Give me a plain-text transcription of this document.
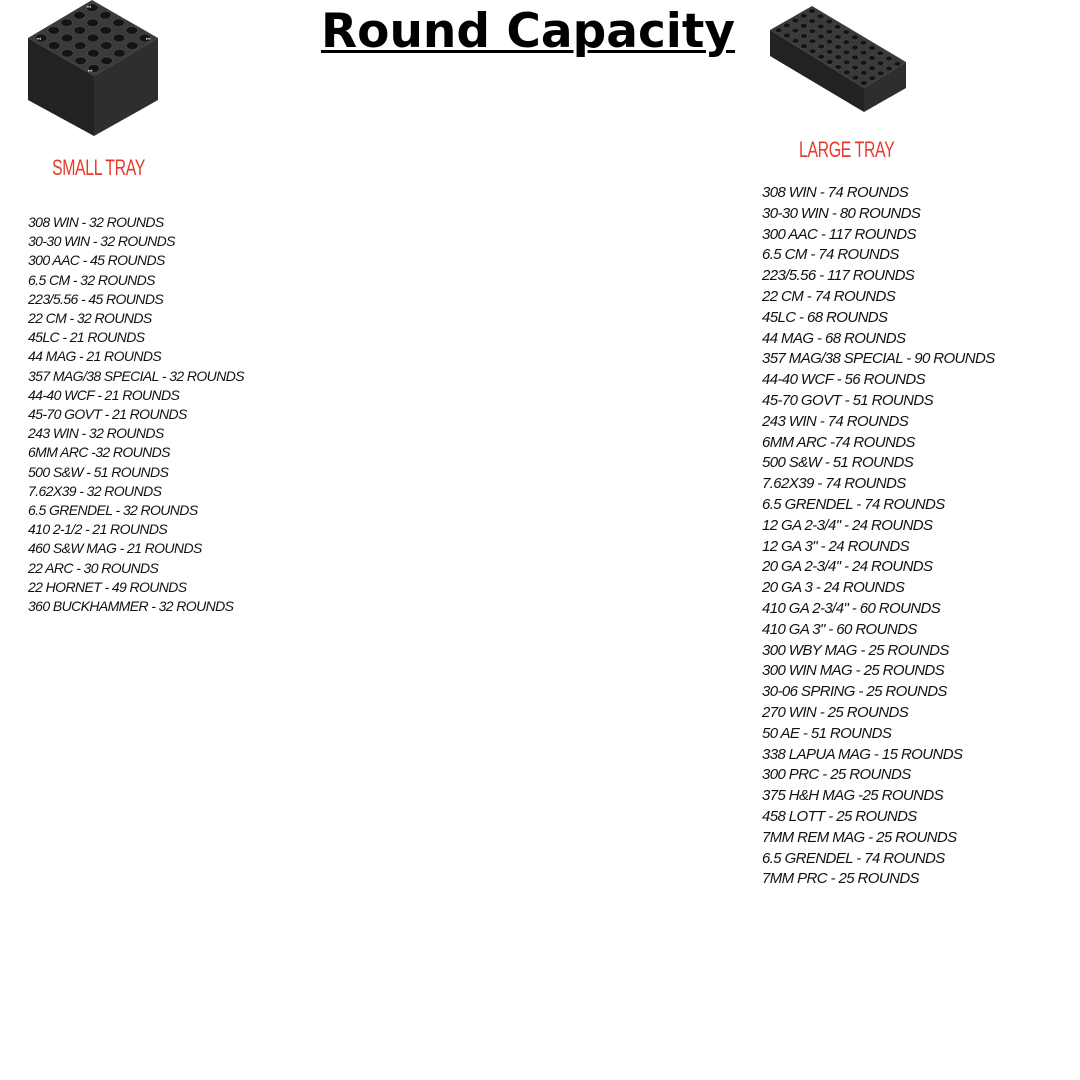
Round Capacity
◂◂
◂◂	▸▸
▸▸
SMALL TRAY
308 WIN - 32 ROUNDS
30-30 WIN - 32 ROUNDS
300 AAC - 45 ROUNDS
6.5 CM - 32 ROUNDS
223/5.56 - 45 ROUNDS
22 CM - 32 ROUNDS
45LC - 21 ROUNDS
44 MAG - 21 ROUNDS
357 MAG/38 SPECIAL - 32 ROUNDS
44-40 WCF - 21 ROUNDS
45-70 GOVT - 21 ROUNDS
243 WIN - 32 ROUNDS
6MM ARC -32 ROUNDS
500 S&W - 51 ROUNDS
7.62X39 - 32 ROUNDS
6.5 GRENDEL - 32 ROUNDS
410 2-1/2 - 21 ROUNDS
460 S&W MAG - 21 ROUNDS
22 ARC - 30 ROUNDS
22 HORNET - 49 ROUNDS
360 BUCKHAMMER - 32 ROUNDS
LARGE TRAY
308 WIN - 74 ROUNDS
30-30 WIN - 80 ROUNDS
300 AAC - 117 ROUNDS
6.5 CM - 74 ROUNDS
223/5.56 - 117 ROUNDS
22 CM - 74 ROUNDS
45LC - 68 ROUNDS
44 MAG - 68 ROUNDS
357 MAG/38 SPECIAL - 90 ROUNDS
44-40 WCF - 56 ROUNDS
45-70 GOVT - 51 ROUNDS
243 WIN - 74 ROUNDS
6MM ARC -74 ROUNDS
500 S&W - 51 ROUNDS
7.62X39 - 74 ROUNDS
6.5 GRENDEL - 74 ROUNDS
12 GA 2-3/4" - 24 ROUNDS
12 GA 3" - 24 ROUNDS
20 GA 2-3/4" - 24 ROUNDS
20 GA 3 - 24 ROUNDS
410 GA 2-3/4" - 60 ROUNDS
410 GA 3" - 60 ROUNDS
300 WBY MAG - 25 ROUNDS
300 WIN MAG - 25 ROUNDS
30-06 SPRING - 25 ROUNDS
270 WIN - 25 ROUNDS
50 AE - 51 ROUNDS
338 LAPUA MAG - 15 ROUNDS
300 PRC - 25 ROUNDS
375 H&H MAG -25 ROUNDS
458 LOTT - 25 ROUNDS
7MM REM MAG - 25 ROUNDS
6.5 GRENDEL - 74 ROUNDS
7MM PRC - 25 ROUNDS
